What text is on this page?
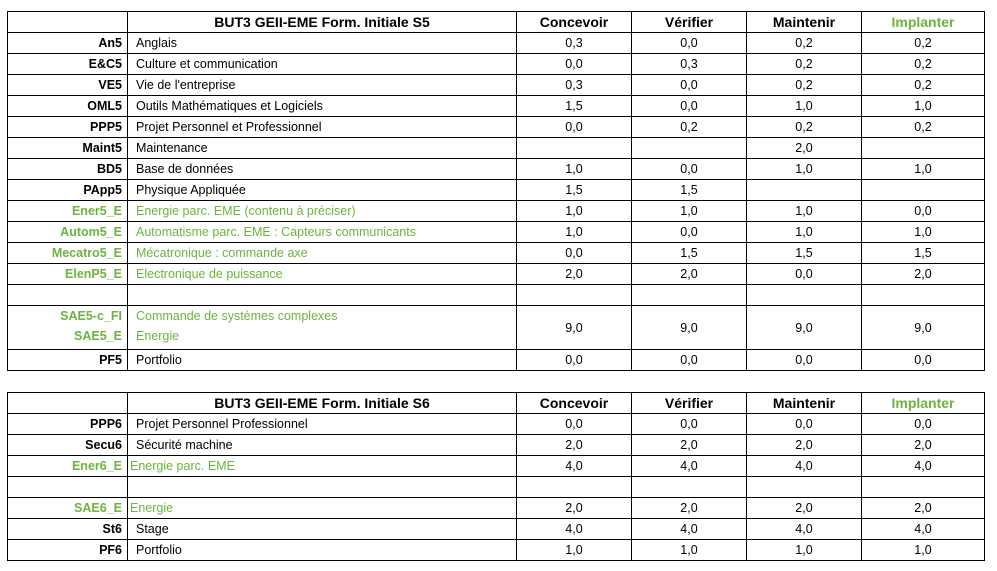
	BUT3 GEII-EME Form. Initiale S5	Concevoir	Vérifier	Maintenir	Implanter
An5	Anglais	0,3	0,0	0,2	0,2
E&C5	Culture et communication	0,0	0,3	0,2	0,2
VE5	Vie de l'entreprise	0,3	0,0	0,2	0,2
OML5	Outils Mathématiques et Logiciels	1,5	0,0	1,0	1,0
PPP5	Projet Personnel et Professionnel	0,0	0,2	0,2	0,2
Maint5	Maintenance			2,0	
BD5	Base de données	1,0	0,0	1,0	1,0
PApp5	Physique Appliquée	1,5	1,5		
Ener5_E	Energie parc. EME (contenu à préciser)	1,0	1,0	1,0	0,0
Autom5_E	Automatisme parc. EME : Capteurs communicants	1,0	0,0	1,0	1,0
Mecatro5_E	Mécatronique : commande axe	0,0	1,5	1,5	1,5
ElenP5_E	Electronique de puissance	2,0	2,0	0,0	2,0

SAE5-c_FI	Commande de systèmes complexes	9,0	9,0	9,0	9,0
SAE5_E	Energie				
PF5	Portfolio	0,0	0,0	0,0	0,0
	BUT3 GEII-EME Form. Initiale S6	Concevoir	Vérifier	Maintenir	Implanter
PPP6	Projet Personnel Professionnel	0,0	0,0	0,0	0,0
Secu6	Sécurité machine	2,0	2,0	2,0	2,0
Ener6_E	Energie parc. EME	4,0	4,0	4,0	4,0

SAE6_E	Energie	2,0	2,0	2,0	2,0
St6	Stage	4,0	4,0	4,0	4,0
PF6	Portfolio	1,0	1,0	1,0	1,0
